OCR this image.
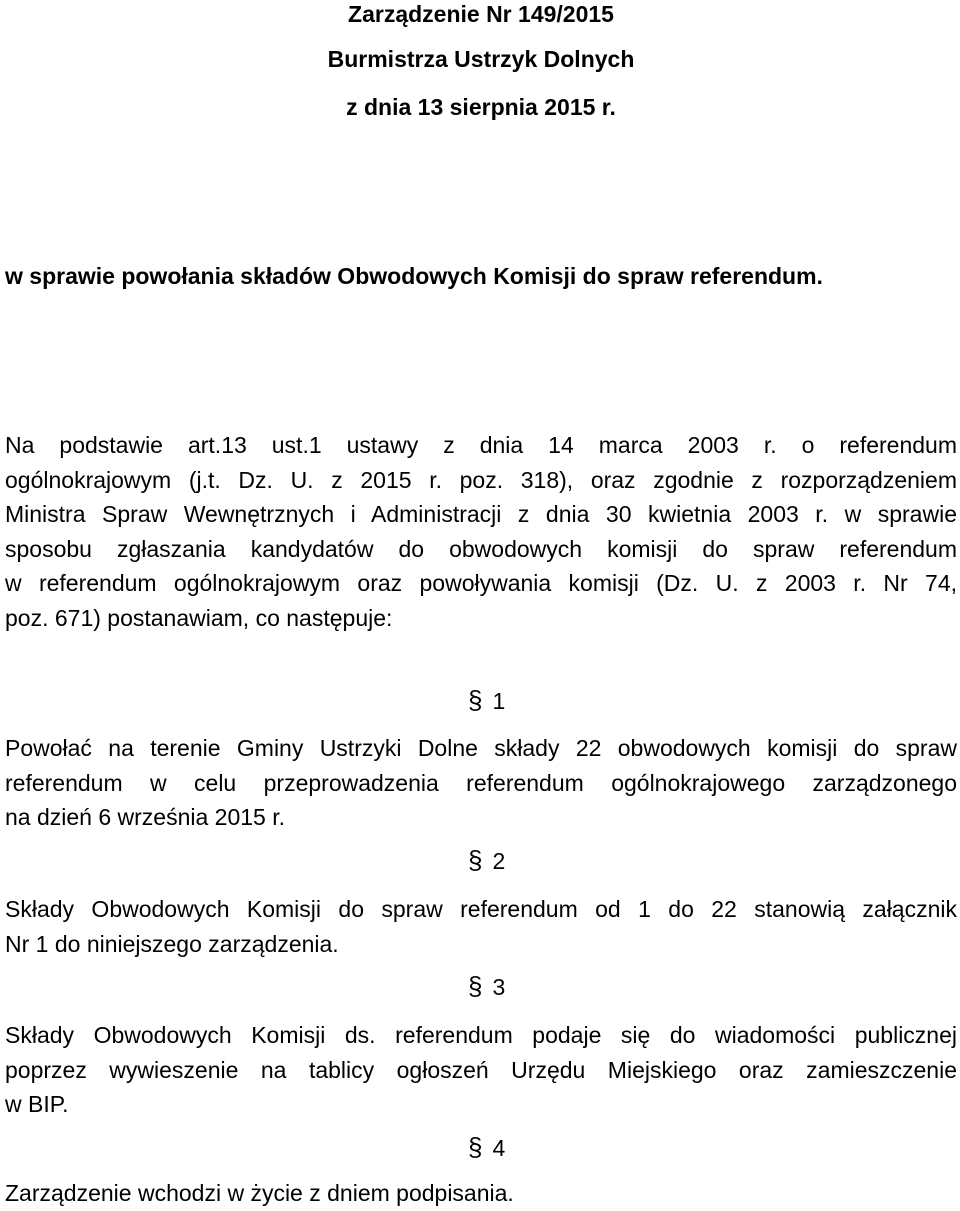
Zarządzenie Nr 149/2015
Burmistrza Ustrzyk Dolnych
z dnia 13 sierpnia 2015 r.
w sprawie powołania składów Obwodowych Komisji do spraw referendum.
Na podstawie art.13 ust.1 ustawy z dnia 14 marca 2003 r. o referendum
ogólnokrajowym (j.t. Dz. U. z 2015 r. poz. 318), oraz zgodnie z rozporządzeniem
Ministra Spraw Wewnętrznych i Administracji z dnia 30 kwietnia 2003 r. w sprawie
sposobu zgłaszania kandydatów do obwodowych komisji do spraw referendum
w referendum ogólnokrajowym oraz powoływania komisji (Dz. U. z 2003 r. Nr 74,
poz. 671) postanawiam, co następuje:
§ 1
Powołać na terenie Gminy Ustrzyki Dolne składy 22 obwodowych komisji do spraw
referendum w celu przeprowadzenia referendum ogólnokrajowego zarządzonego
na dzień 6 września 2015 r.
§ 2
Składy Obwodowych Komisji do spraw referendum od 1 do 22 stanowią załącznik
Nr 1 do niniejszego zarządzenia.
§ 3
Składy Obwodowych Komisji ds. referendum podaje się do wiadomości publicznej
poprzez wywieszenie na tablicy ogłoszeń Urzędu Miejskiego oraz zamieszczenie
w BIP.
§ 4
Zarządzenie wchodzi w życie z dniem podpisania.
